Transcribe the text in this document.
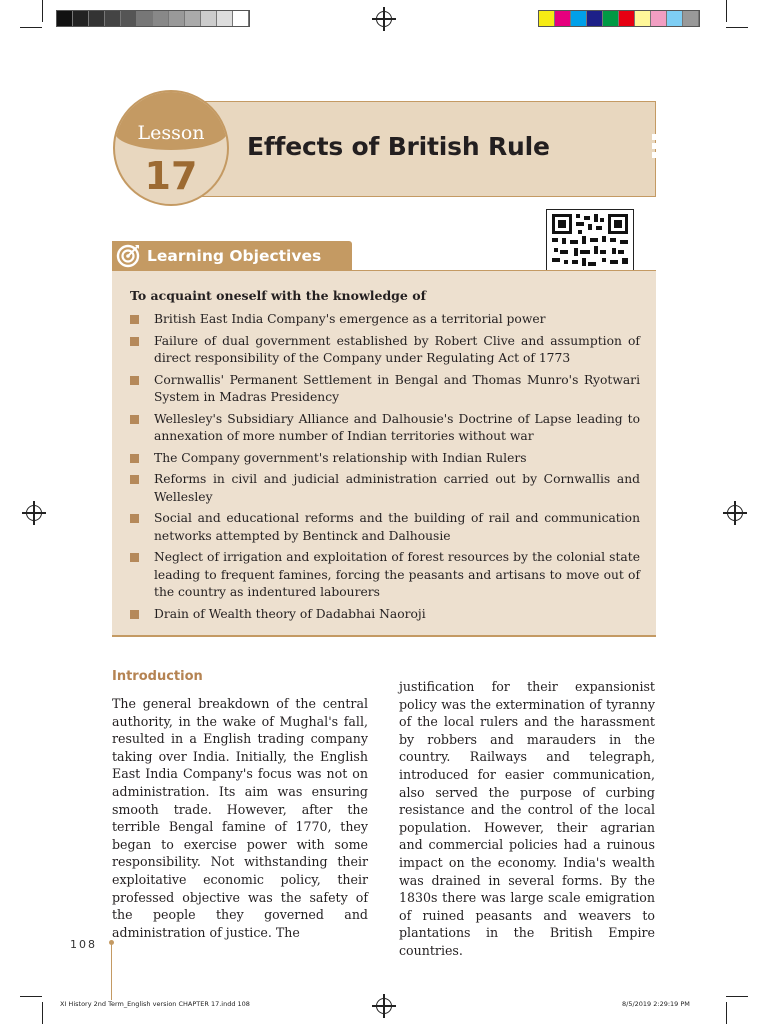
Effects of British Rule
Lesson
17
Learning Objectives
To acquaint oneself with the knowledge of
British East India Company's emergence as a territorial power
Failure of dual government established by Robert Clive and assumption of direct responsibility of the Company under Regulating Act of 1773
Cornwallis' Permanent Settlement in Bengal and Thomas Munro's Ryotwari System in Madras Presidency
Wellesley's Subsidiary Alliance and Dalhousie's Doctrine of Lapse leading to annexation of more number of Indian territories without war
The Company government's relationship with Indian Rulers
Reforms in civil and judicial administration carried out by Cornwallis and Wellesley
Social and educational reforms and the building of rail and communication networks attempted by Bentinck and Dalhousie
Neglect of irrigation and exploitation of forest resources by the colonial state leading to frequent famines, forcing the peasants and artisans to move out of the country as indentured labourers
Drain of Wealth theory of Dadabhai Naoroji
Introduction

The general breakdown of the central authority, in the wake of Mughal's fall, resulted in a English trading company taking over India. Initially, the English East India Company's focus was not on administration. Its aim was ensuring smooth trade. However, after the terrible Bengal famine of 1770, they began to exercise power with some responsibility. Not withstanding their exploitative economic policy, their professed objective was the safety of the people they governed and administration of justice. The

justification for their expansionist policy was the extermination of tyranny of the local rulers and the harassment by robbers and marauders in the country. Railways and telegraph, introduced for easier communication, also served the purpose of curbing resistance and the control of the local population. However, their agrarian and commercial policies had a ruinous impact on the economy. India's wealth was drained in several forms. By the 1830s there was large scale emigration of ruined peasants and weavers to plantations in the British Empire countries.

108
XI History 2nd Term_English version CHAPTER 17.indd 108	8/5/2019 2:29:19 PM
